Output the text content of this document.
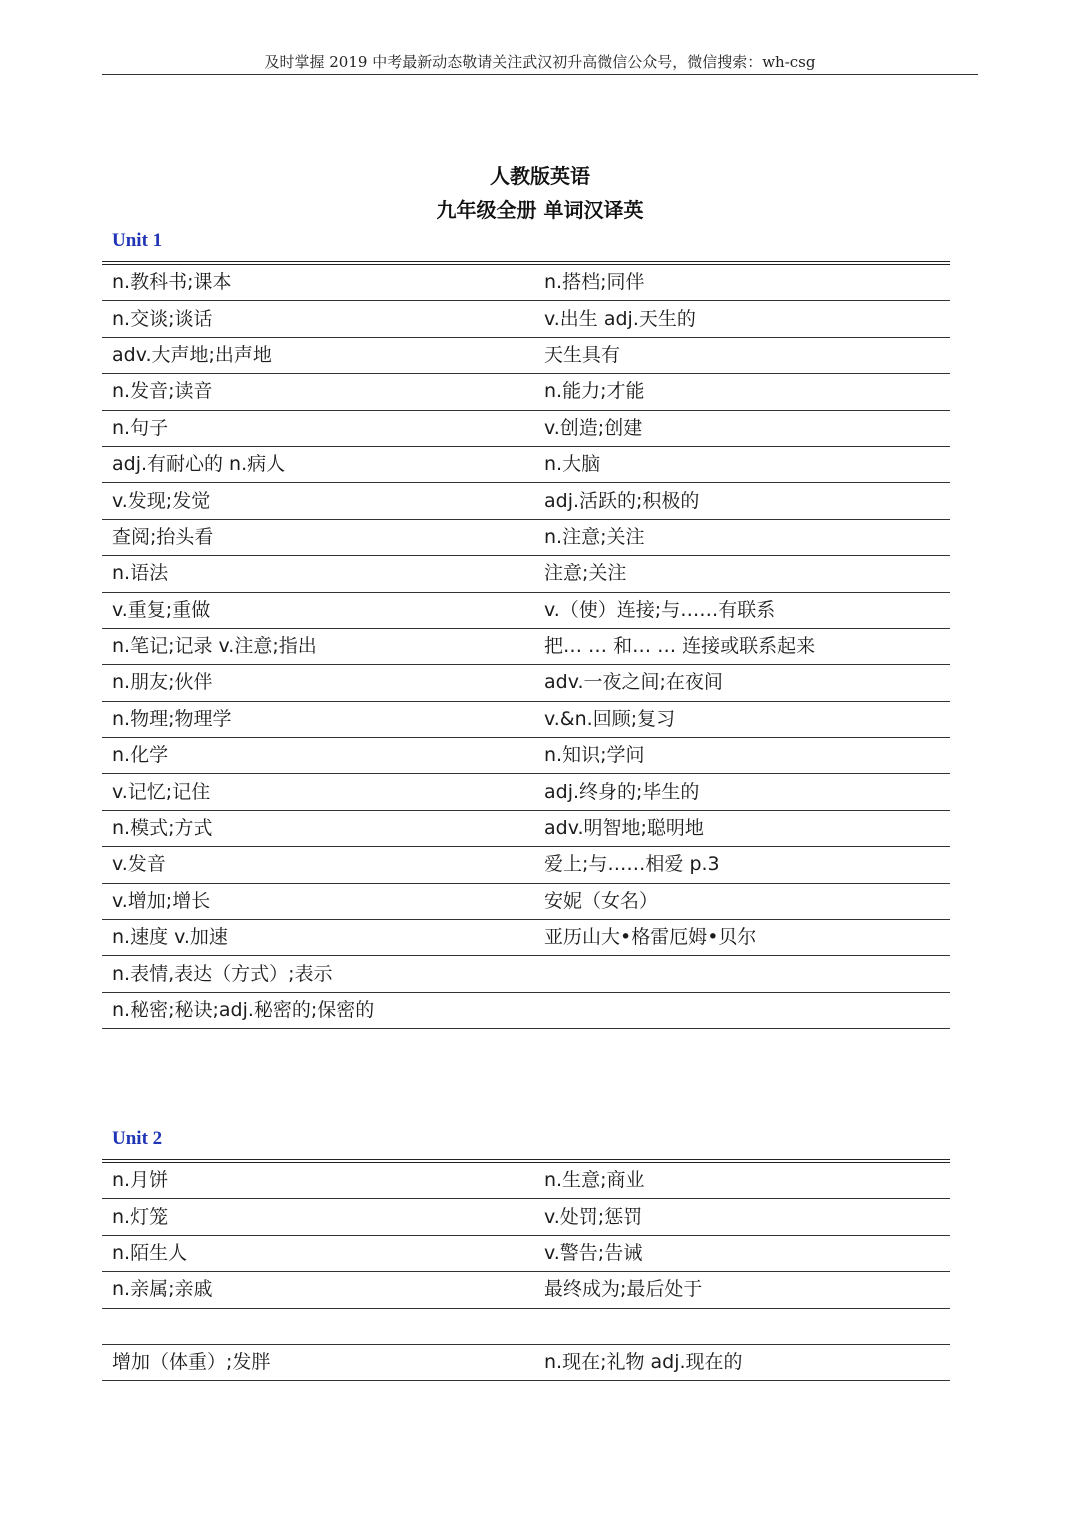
及时掌握 2019 中考最新动态敬请关注武汉初升高微信公众号，微信搜索：wh-csg
人教版英语
九年级全册 单词汉译英
Unit 1
n.教科书;课本	n.搭档;同伴
n.交谈;谈话	v.出生 adj.天生的
adv.大声地;出声地	天生具有
n.发音;读音	n.能力;才能
n.句子	v.创造;创建
adj.有耐心的 n.病人	n.大脑
v.发现;发觉	adj.活跃的;积极的
查阅;抬头看	n.注意;关注
n.语法	注意;关注
v.重复;重做	v.（使）连接;与……有联系
n.笔记;记录 v.注意;指出	把… … 和… … 连接或联系起来
n.朋友;伙伴	adv.一夜之间;在夜间
n.物理;物理学	v.&n.回顾;复习
n.化学	n.知识;学问
v.记忆;记住	adj.终身的;毕生的
n.模式;方式	adv.明智地;聪明地
v.发音	爱上;与……相爱 p.3
v.增加;增长	安妮（女名）
n.速度 v.加速	亚历山大•格雷厄姆•贝尔
n.表情,表达（方式）;表示
n.秘密;秘诀;adj.秘密的;保密的
Unit 2
n.月饼	n.生意;商业
n.灯笼	v.处罚;惩罚
n.陌生人	v.警告;告诫
n.亲属;亲戚	最终成为;最后处于
增加（体重）;发胖	n.现在;礼物 adj.现在的
